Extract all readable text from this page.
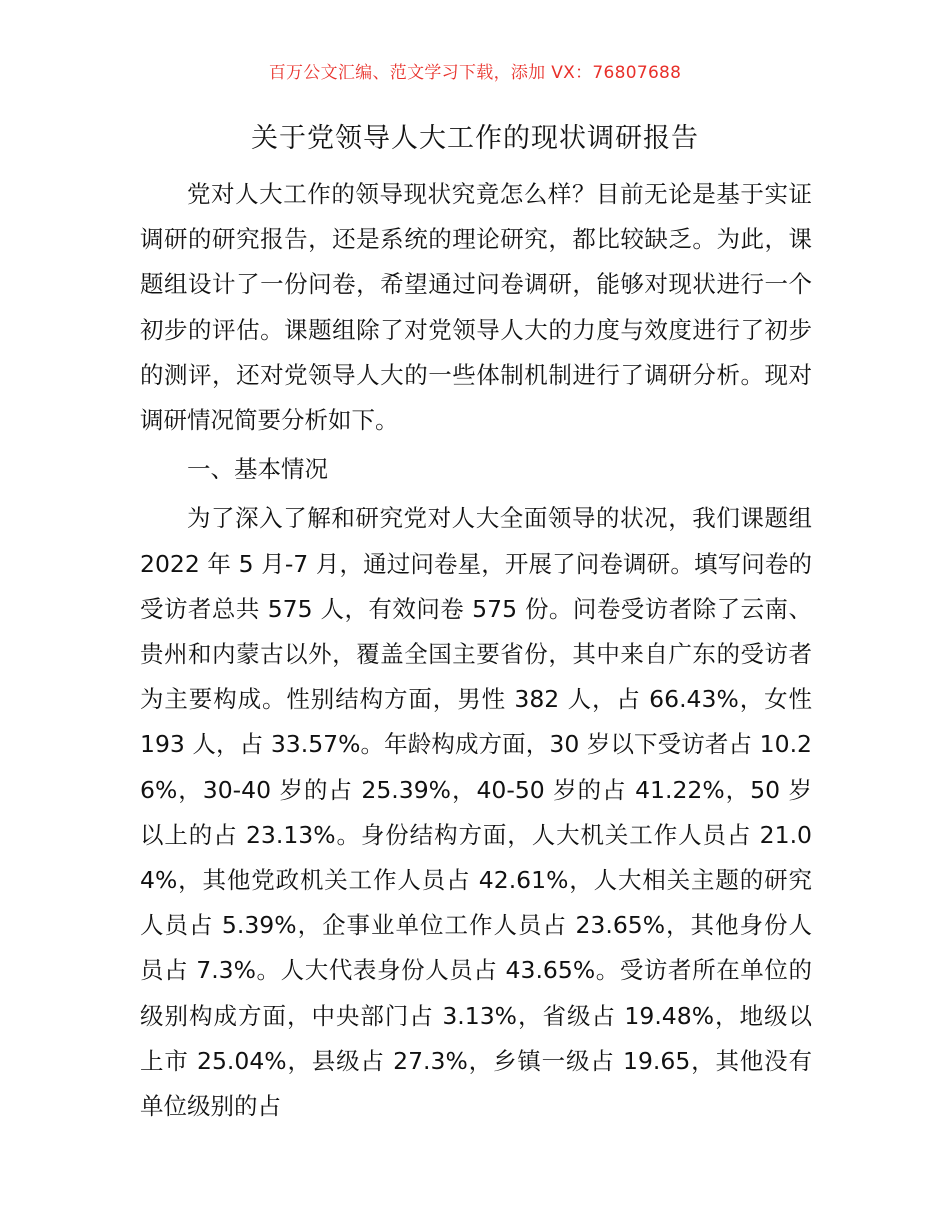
百万公文汇编、范文学习下载，添加 VX：76807688
关于党领导人大工作的现状调研报告

党对人大工作的领导现状究竟怎么样？目前无论是基于实证调研的研究报告，还是系统的理论研究，都比较缺乏。为此，课题组设计了一份问卷，希望通过问卷调研，能够对现状进行一个初步的评估。课题组除了对党领导人大的力度与效度进行了初步的测评，还对党领导人大的一些体制机制进行了调研分析。现对调研情况简要分析如下。

一、基本情况

为了深入了解和研究党对人大全面领导的状况，我们课题组 2022 年 5 月-7 月，通过问卷星，开展了问卷调研。填写问卷的受访者总共 575 人，有效问卷 575 份。问卷受访者除了云南、贵州和内蒙古以外，覆盖全国主要省份，其中来自广东的受访者为主要构成。性别结构方面，男性 382 人，占 66.43%，女性 193 人，占 33.57%。年龄构成方面，30 岁以下受访者占 10.26%，30-40 岁的占 25.39%，40-50 岁的占 41.22%，50 岁以上的占 23.13%。身份结构方面，人大机关工作人员占 21.04%，其他党政机关工作人员占 42.61%，人大相关主题的研究人员占 5.39%，企事业单位工作人员占 23.65%，其他身份人员占 7.3%。人大代表身份人员占 43.65%。受访者所在单位的级别构成方面，中央部门占 3.13%，省级占 19.48%，地级以上市 25.04%，县级占 27.3%，乡镇一级占 19.65，其他没有单位级别的占
